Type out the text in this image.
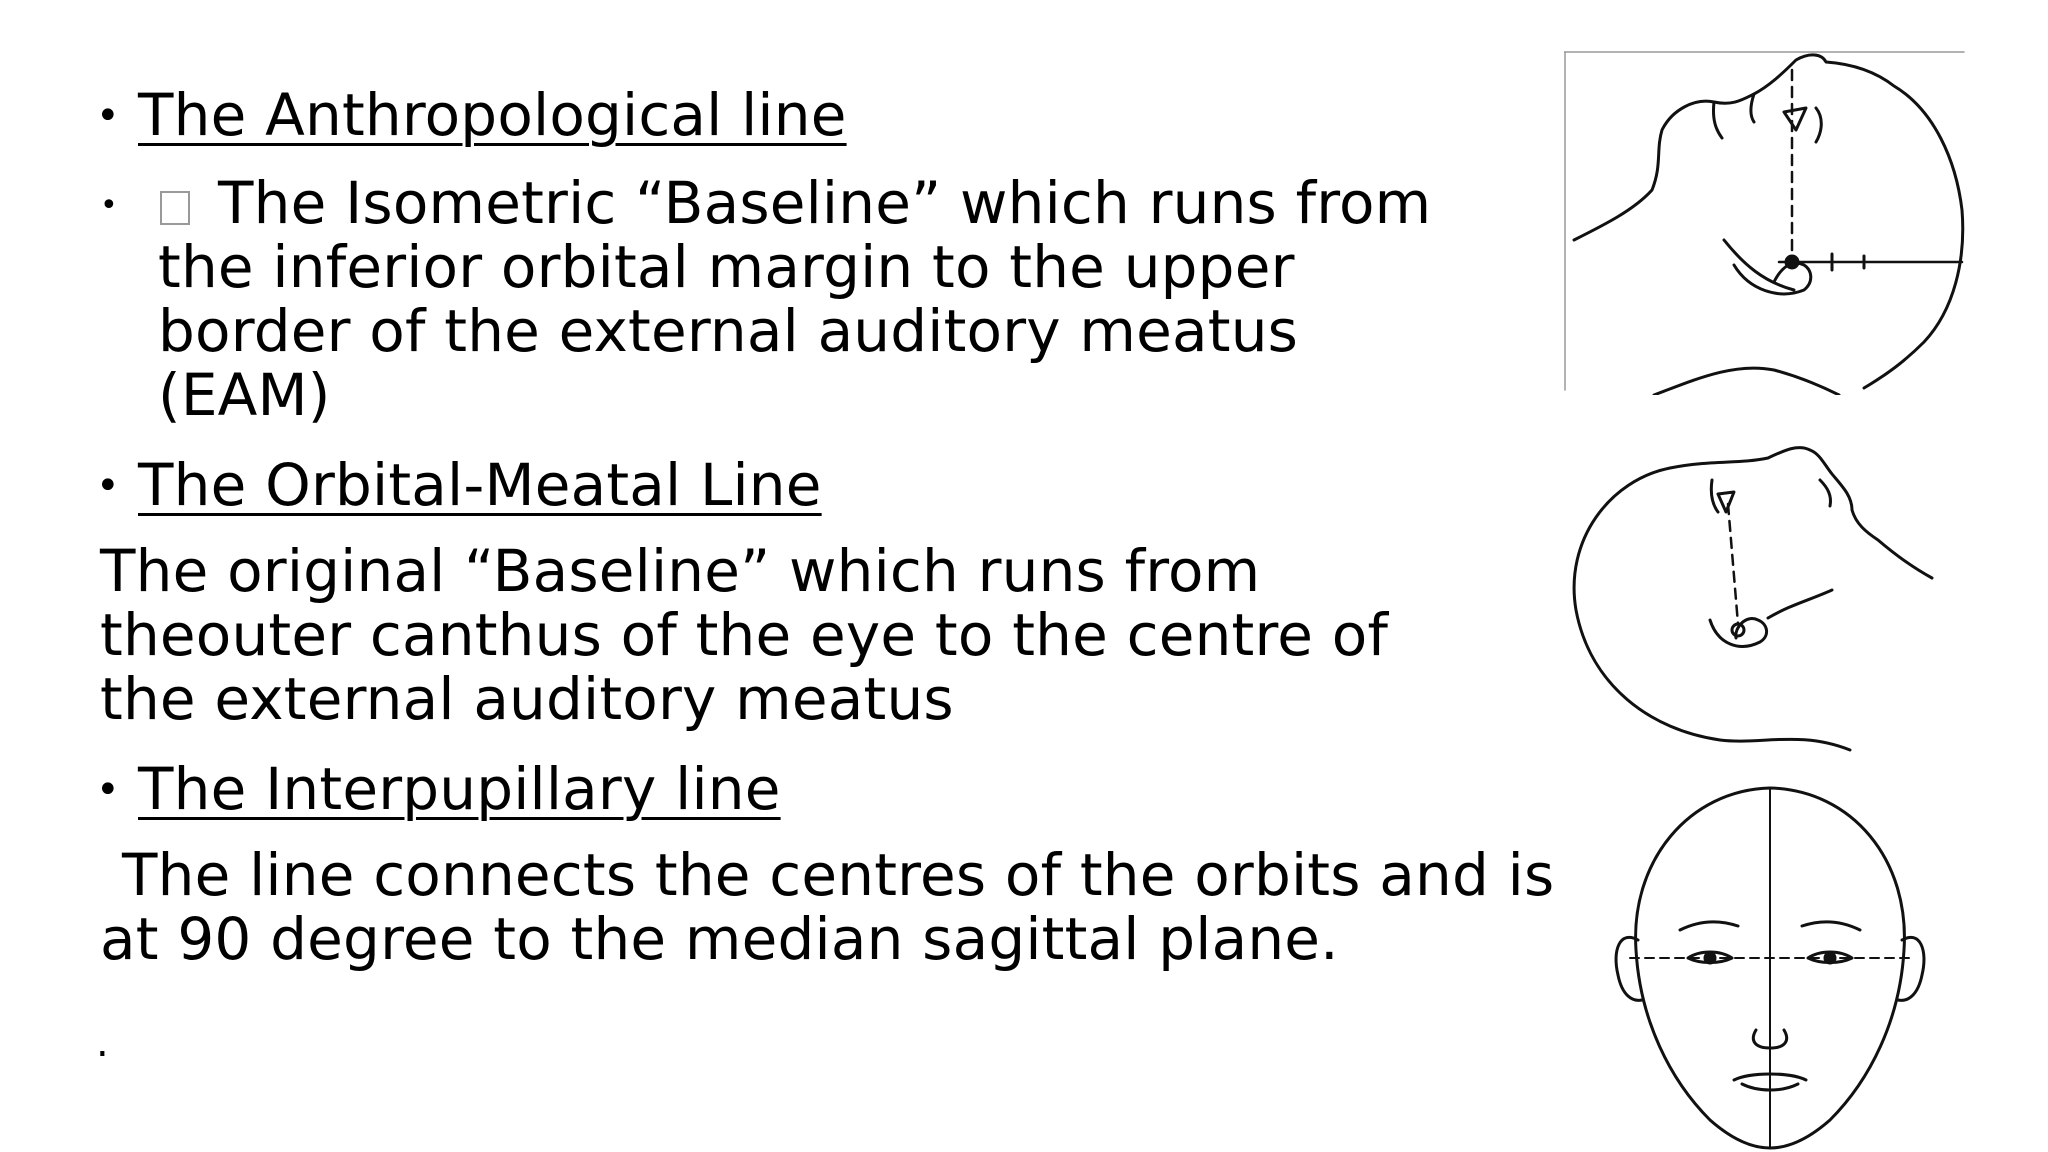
• The Anthropological line
•	The Isometric “Baseline” which runs from
the inferior orbital margin to the upper
border of the external auditory meatus
(EAM)
• The Orbital-Meatal Line
The original “Baseline” which runs from
theouter canthus of the eye to the centre of
the external auditory meatus
• The Interpupillary line
The line connects the centres of the orbits and is
at 90 degree to the median sagittal plane.
.
